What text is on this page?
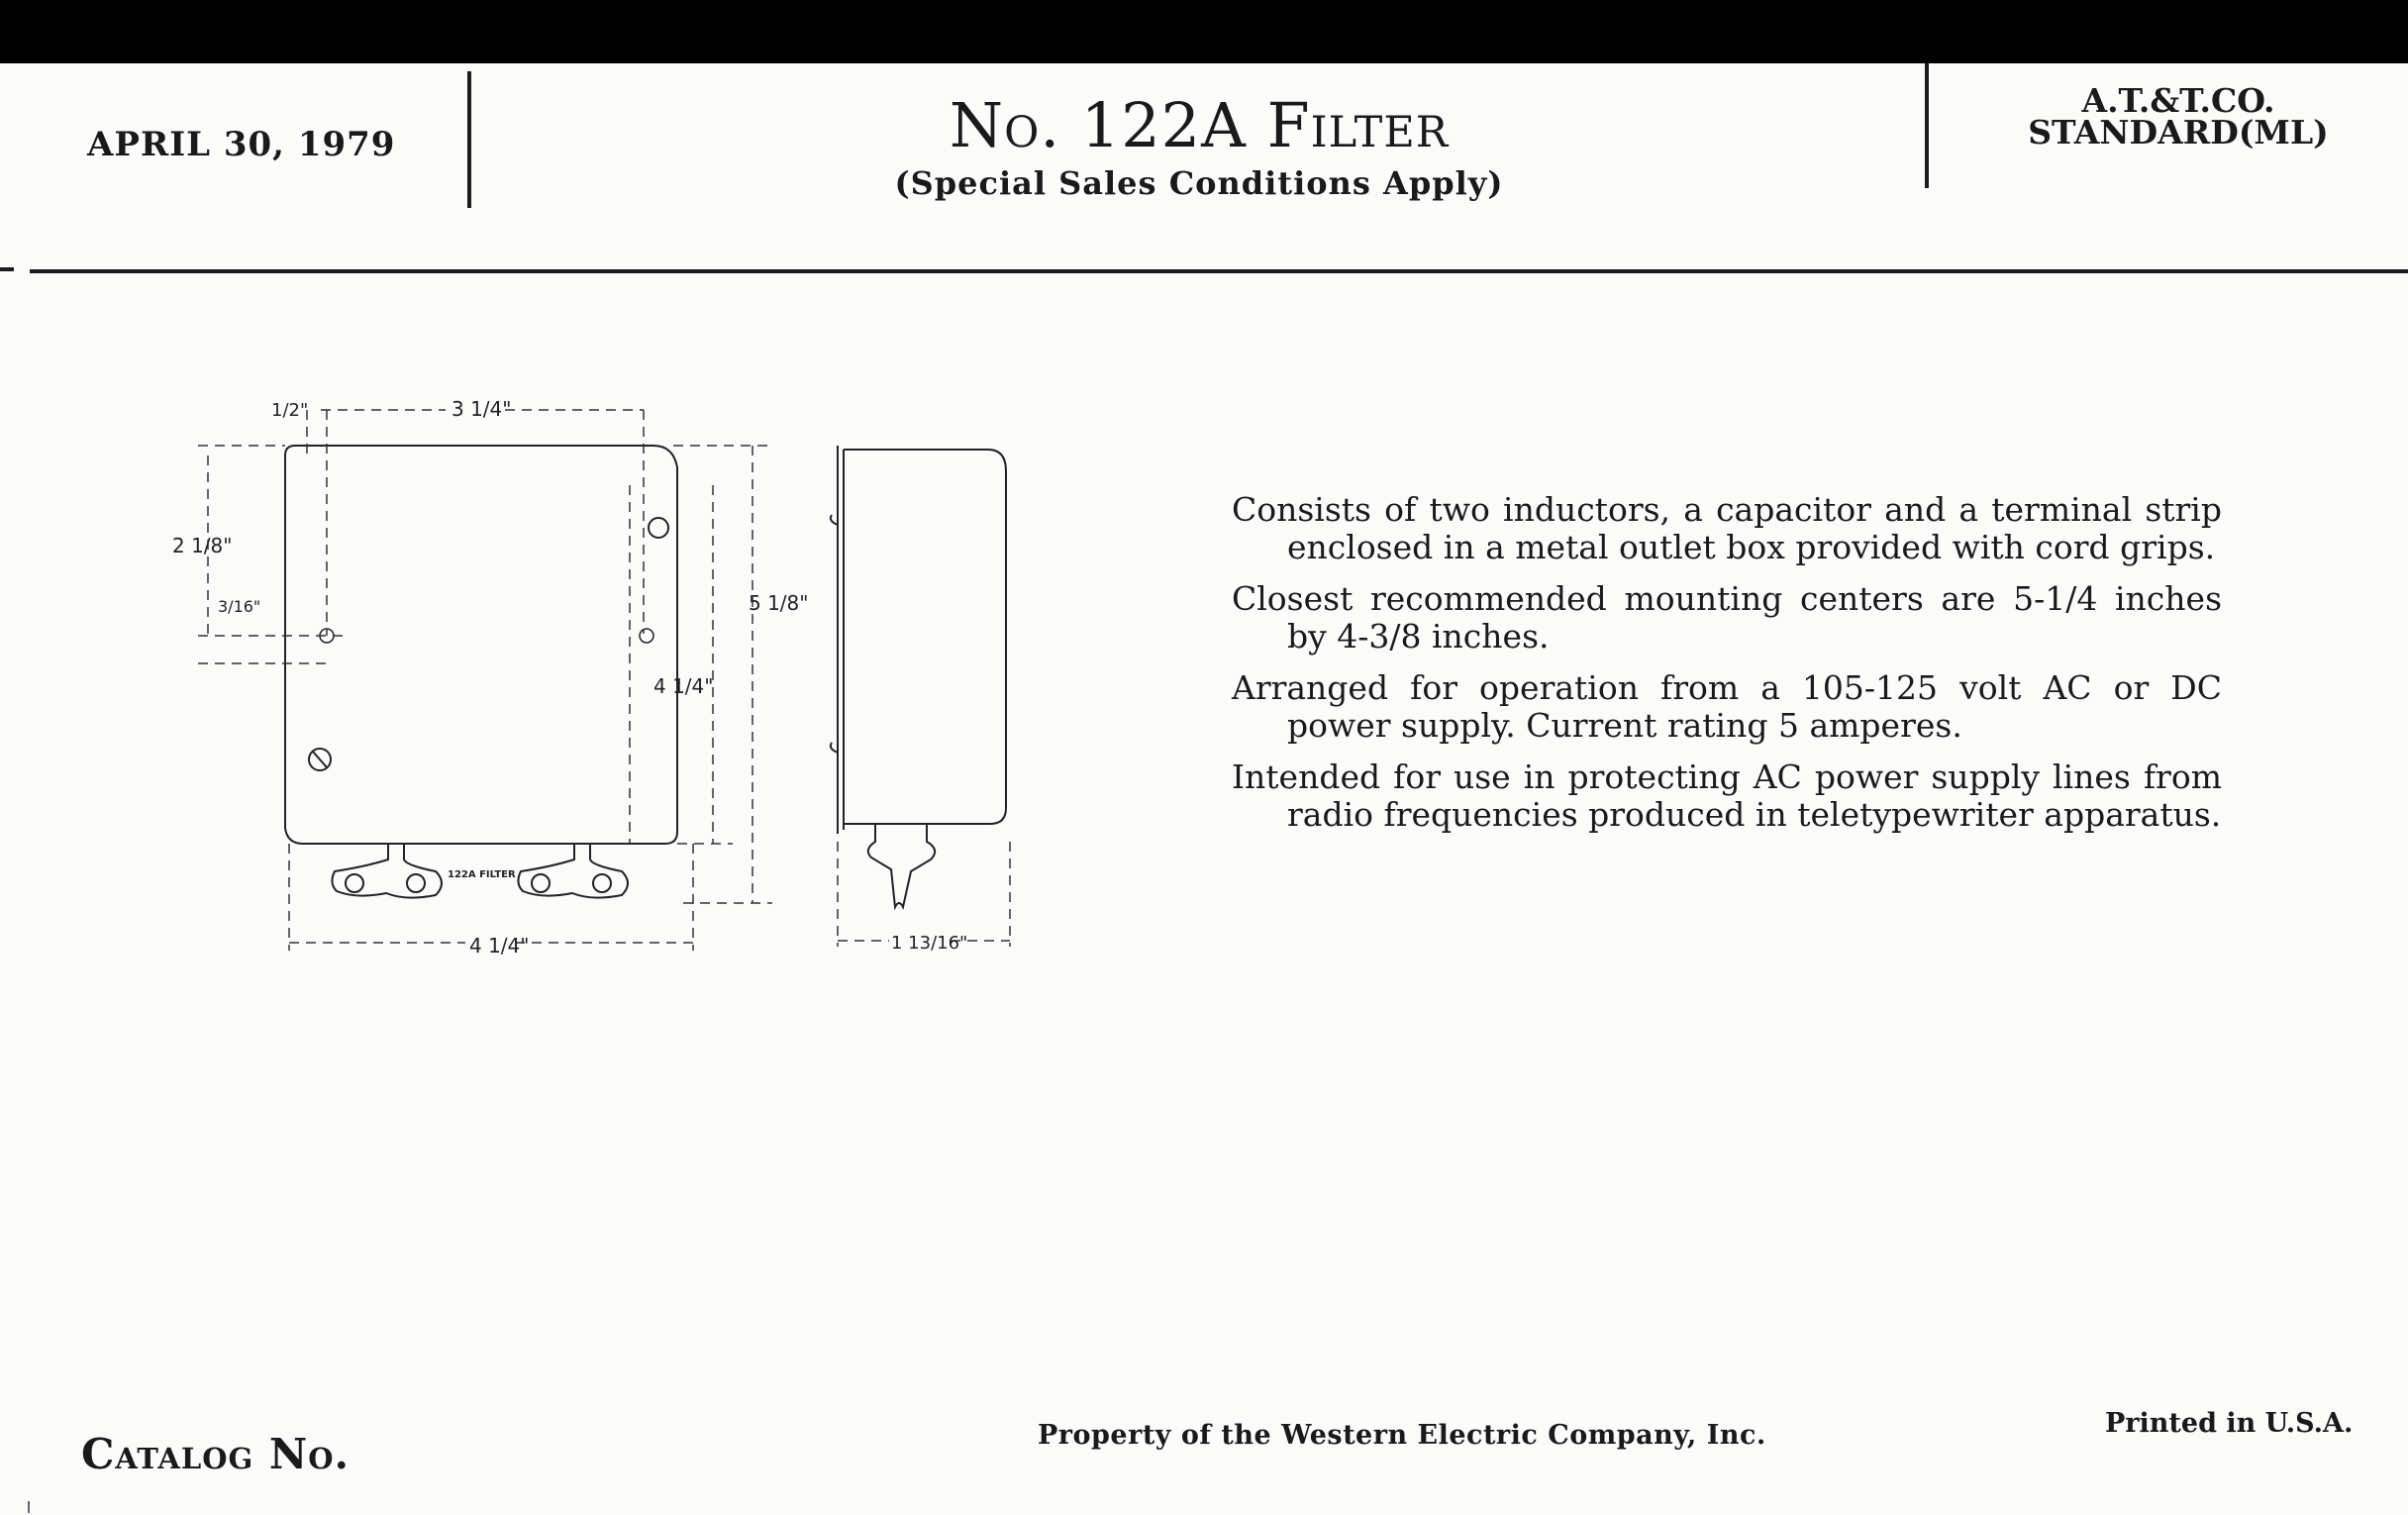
APRIL 30, 1979	No. 122A Filter
(Special Sales Conditions Apply)
A.T.&T.CO.
STANDARD(ML)
1/2"	3 1/4"
2 1/8"
3/16"	5 1/8"
4 1/4"
4 1/4"
122A FILTER
1 13/16"

Consists of two inductors, a capacitor and a terminal strip enclosed in a metal outlet box provided with cord grips.

Closest recommended mounting centers are 5-1/4 inches by 4-3/8 inches.

Arranged for operation from a 105-125 volt AC or DC power supply. Current rating 5 amperes.

Intended for use in protecting AC power supply lines from radio frequencies produced in teletypewriter apparatus.

Catalog No.	Property of the Western Electric Company, Inc.	Printed in U.S.A.
